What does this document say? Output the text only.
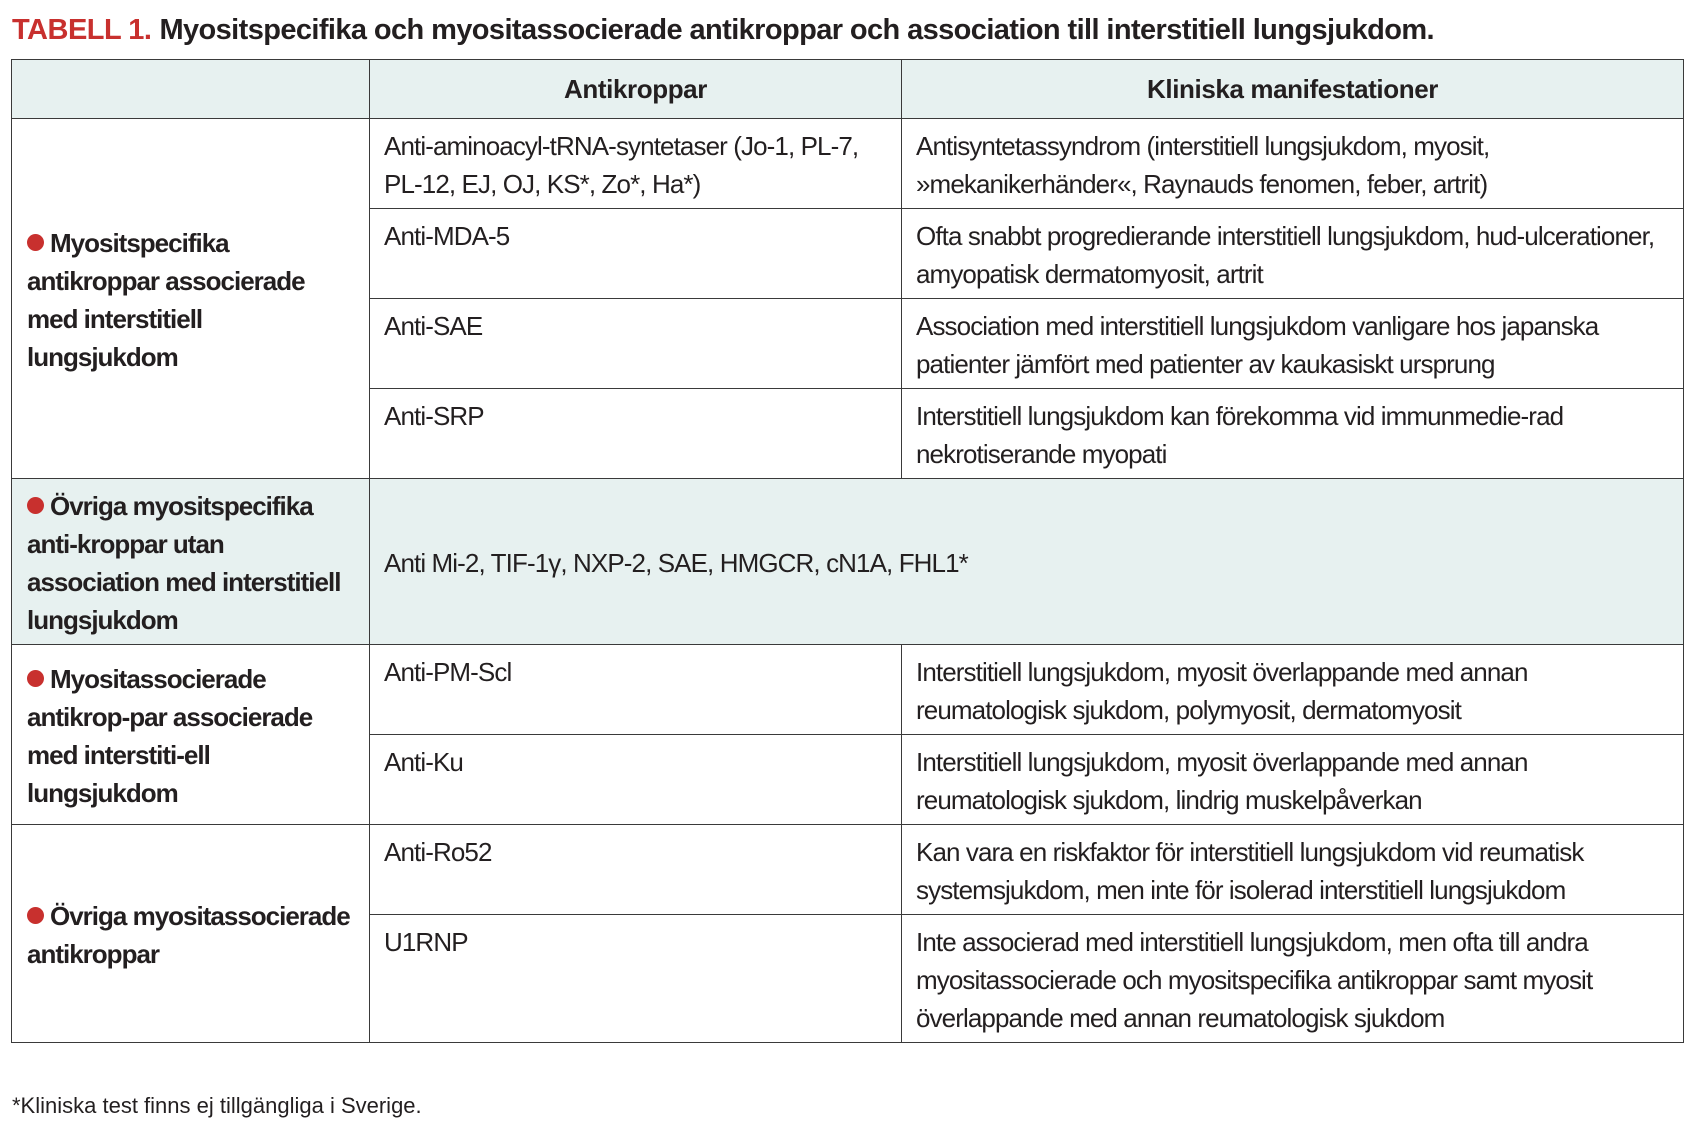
TABELL 1. Myositspecifika och myositassocierade antikroppar och association till interstitiell lungsjukdom.
	Antikroppar	Kliniska manifestationer
Myositspecifika antikroppar associerade med interstitiell lungsjukdom	Anti-aminoacyl-tRNA-syntetaser (Jo-1, PL-7, PL-12, EJ, OJ, KS*, Zo*, Ha*)	Antisyntetassyndrom (interstitiell lungsjukdom, myosit, »mekanikerhänder«, Raynauds fenomen, feber, artrit)
	Anti-MDA-5	Ofta snabbt progredierande interstitiell lungsjukdom, hud-ulcerationer, amyopatisk dermatomyosit, artrit
	Anti-SAE	Association med interstitiell lungsjukdom vanligare hos japanska patienter jämfört med patienter av kaukasiskt ursprung
	Anti-SRP	Interstitiell lungsjukdom kan förekomma vid immunmedie-rad nekrotiserande myopati
Övriga myositspecifika anti-kroppar utan association med interstitiell lungsjukdom	Anti Mi-2, TIF-1γ, NXP-2, SAE, HMGCR, cN1A, FHL1*	
Myositassocierade antikrop-par associerade med interstiti-ell lungsjukdom	Anti-PM-Scl	Interstitiell lungsjukdom, myosit överlappande med annan reumatologisk sjukdom, polymyosit, dermatomyosit
	Anti-Ku	Interstitiell lungsjukdom, myosit överlappande med annan reumatologisk sjukdom, lindrig muskelpåverkan
Övriga myositassocierade antikroppar	Anti-Ro52	Kan vara en riskfaktor för interstitiell lungsjukdom vid reumatisk systemsjukdom, men inte för isolerad interstitiell lungsjukdom
	U1RNP	Inte associerad med interstitiell lungsjukdom, men ofta till andra myositassocierade och myositspecifika antikroppar samt myosit överlappande med annan reumatologisk sjukdom
*Kliniska test finns ej tillgängliga i Sverige.
